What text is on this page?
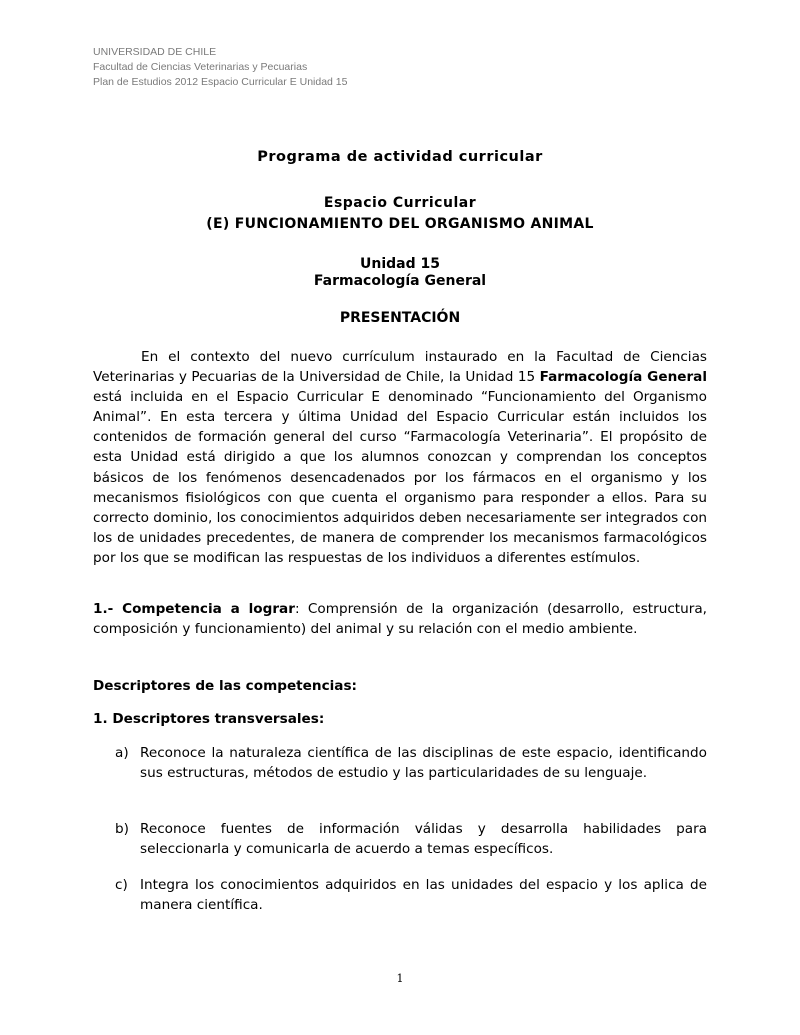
UNIVERSIDAD DE CHILE
Facultad de Ciencias Veterinarias y Pecuarias
Plan de Estudios 2012 Espacio Curricular E Unidad 15
Programa de actividad curricular
Espacio Curricular
(E) FUNCIONAMIENTO DEL ORGANISMO ANIMAL
Unidad 15
Farmacología General
PRESENTACIÓN
En el contexto del nuevo currículum instaurado en la Facultad de Ciencias Veterinarias y Pecuarias de la Universidad de Chile, la Unidad 15 Farmacología General está incluida en el Espacio Curricular E denominado “Funcionamiento del Organismo Animal”. En esta tercera y última Unidad del Espacio Curricular están incluidos los contenidos de formación general del curso “Farmacología Veterinaria”. El propósito de esta Unidad está dirigido a que los alumnos conozcan y comprendan los conceptos básicos de los fenómenos desencadenados por los fármacos en el organismo y los mecanismos fisiológicos con que cuenta el organismo para responder a ellos. Para su correcto dominio, los conocimientos adquiridos deben necesariamente ser integrados con los de unidades precedentes, de manera de comprender los mecanismos farmacológicos por los que se modifican las respuestas de los individuos a diferentes estímulos.
1.- Competencia a lograr: Comprensión de la organización (desarrollo, estructura, composición y funcionamiento) del animal y su relación con el medio ambiente.
Descriptores de las competencias:
1. Descriptores transversales:
a) Reconoce la naturaleza científica de las disciplinas de este espacio, identificando sus estructuras, métodos de estudio y las particularidades de su lenguaje.
b) Reconoce fuentes de información válidas y desarrolla habilidades para seleccionarla y comunicarla de acuerdo a temas específicos.
c) Integra los conocimientos adquiridos en las unidades del espacio y los aplica de manera científica.
1
